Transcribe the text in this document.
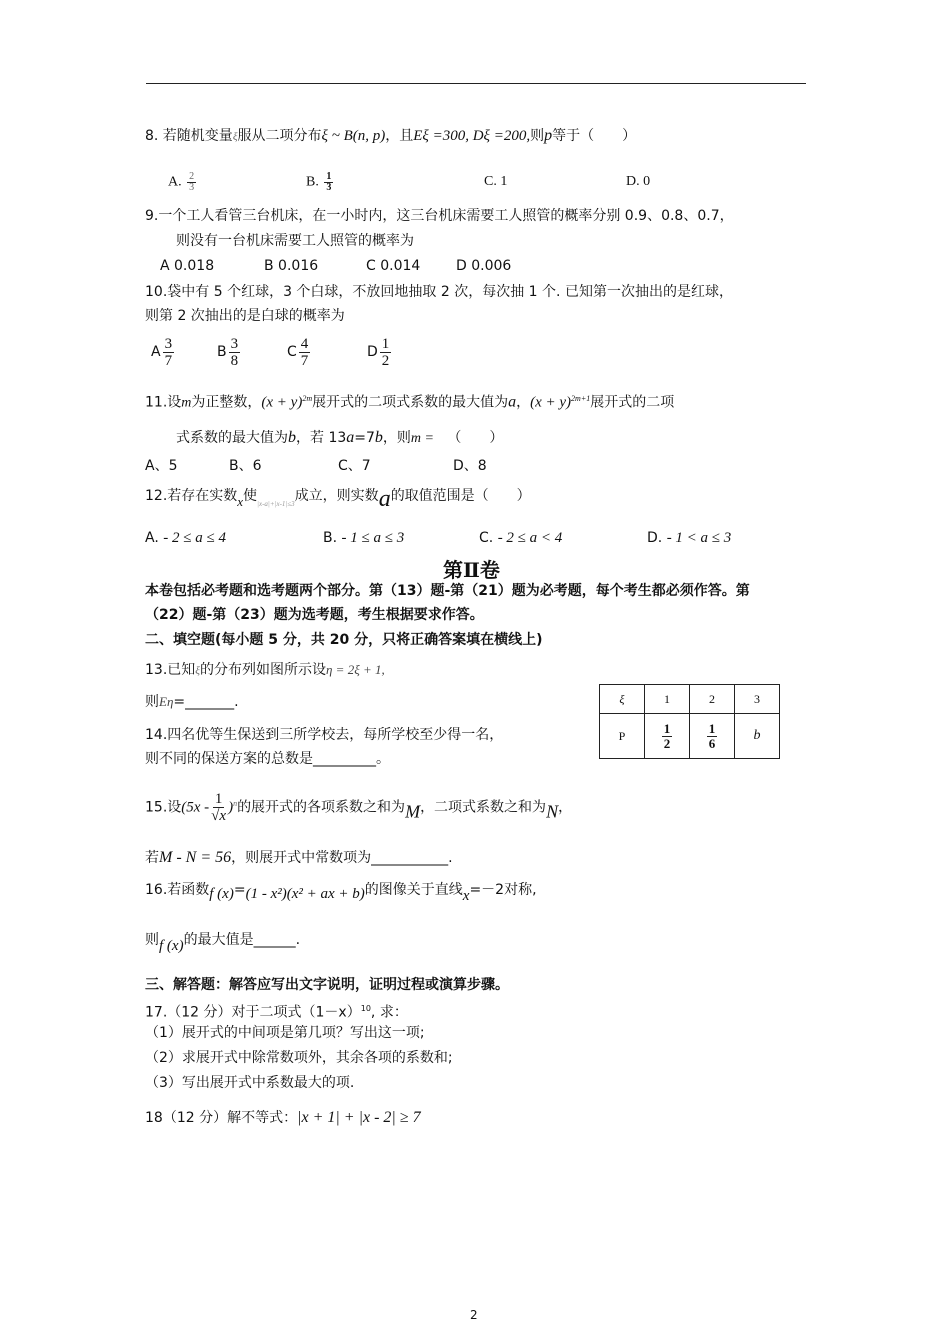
8. 若随机变量ξ服从二项分布ξ ~ B(n, p)，且Eξ =300, Dξ =200,则p等于（　　）
A. $\frac{2}{3}$	B. $\frac{1}{3}$	C. 1	D. 0
9.一个工人看管三台机床，在一小时内，这三台机床需要工人照管的概率分别 0.9、0.8、0.7，
则没有一台机床需要工人照管的概率为
A 0.018	B 0.016	C 0.014	D 0.006
10.袋中有 5 个红球，3 个白球，不放回地抽取 2 次，每次抽 1 个. 已知第一次抽出的是红球，
则第 2 次抽出的是白球的概率为
A $\frac{3}{7}$	B $\frac{3}{8}$	C $\frac{4}{7}$	D $\frac{1}{2}$
11.设m为正整数，$(x + y)^{2m}$展开式的二项式系数的最大值为a，$(x + y)^{2m+1}$展开式的二项
式系数的最大值为b，若 13a=7b，则m = （　　）
A、5	B、6	C、7	D、8
12.若存在实数x使$_{|x-a|+|x-1|\le 3}$成立，则实数a的取值范围是（　　）
A. - 2 ≤ a ≤ 4	B. - 1 ≤ a ≤ 3	C. - 2 ≤ a < 4	D. - 1 < a ≤ 3
第Ⅱ卷
本卷包括必考题和选考题两个部分。第（13）题-第（21）题为必考题，每个考生都必须作答。第
（22）题-第（23）题为选考题，考生根据要求作答。
二、填空题(每小题 5 分，共 20 分，只将正确答案填在横线上)
13.已知ξ的分布列如图所示设η = 2ξ + 1,
则Eη=_______.	ξ	1	2	3
P	$\frac{1}{2}$	$\frac{1}{6}$	b
14.四名优等生保送到三所学校去，每所学校至少得一名，
则不同的保送方案的总数是_________。
15.设$(5x - \frac{1}{√x} )^n$的展开式的各项系数之和为M，二项式系数之和为N，
若M - N = 56，则展开式中常数项为___________.
16.若函数f (x)=(1 - x²)(x² + ax + b)的图像关于直线x=－2对称,
则f (x)的最大值是______.
三、解答题：解答应写出文字说明，证明过程或演算步骤。
17.（12 分）对于二项式$(1-x)^{10}$, 求：
（1）展开式的中间项是第几项？写出这一项;
（2）求展开式中除常数项外，其余各项的系数和;
（3）写出展开式中系数最大的项.
18（12 分）解不等式：|x + 1| + |x - 2| ≥ 7
2
